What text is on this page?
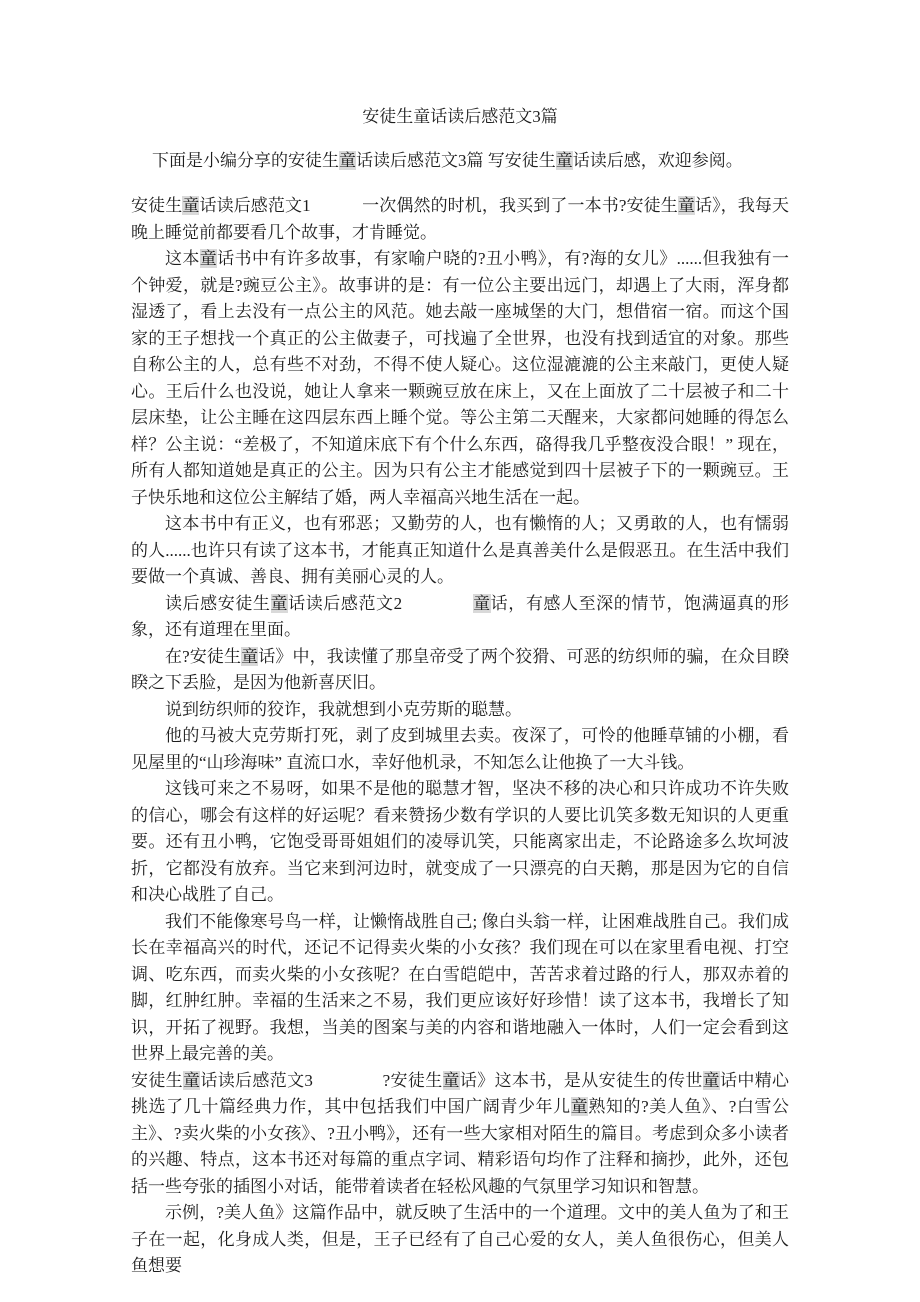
安徒生童话读后感范文3篇

下面是小编分享的安徒生童话读后感范文3篇 写安徒生童话读后感，欢迎参阅。

安徒生童话读后感范文1　　　一次偶然的时机，我买到了一本书?安徒生童话》，我每天晚上睡觉前都要看几个故事，才肯睡觉。

这本童话书中有许多故事，有家喻户晓的?丑小鸭》，有?海的女儿》......但我独有一个钟爱，就是?豌豆公主》。故事讲的是：有一位公主要出远门，却遇上了大雨，浑身都湿透了，看上去没有一点公主的风范。她去敲一座城堡的大门，想借宿一宿。而这个国家的王子想找一个真正的公主做妻子，可找遍了全世界，也没有找到适宜的对象。那些自称公主的人，总有些不对劲，不得不使人疑心。这位湿漉漉的公主来敲门，更使人疑心。王后什么也没说，她让人拿来一颗豌豆放在床上，又在上面放了二十层被子和二十层床垫，让公主睡在这四层东西上睡个觉。等公主第二天醒来，大家都问她睡的得怎么样？公主说：“差极了，不知道床底下有个什么东西，硌得我几乎整夜没合眼！” 现在，所有人都知道她是真正的公主。因为只有公主才能感觉到四十层被子下的一颗豌豆。王子快乐地和这位公主解结了婚，两人幸福高兴地生活在一起。

这本书中有正义，也有邪恶；又勤劳的人，也有懒惰的人；又勇敢的人，也有懦弱的人......也许只有读了这本书，才能真正知道什么是真善美什么是假恶丑。在生活中我们要做一个真诚、善良、拥有美丽心灵的人。

读后感安徒生童话读后感范文2　　　　童话，有感人至深的情节，饱满逼真的形象，还有道理在里面。

在?安徒生童话》中，我读懂了那皇帝受了两个狡猾、可恶的纺织师的骗，在众目睽睽之下丢脸，是因为他新喜厌旧。

说到纺织师的狡诈，我就想到小克劳斯的聪慧。

他的马被大克劳斯打死，剥了皮到城里去卖。夜深了，可怜的他睡草铺的小棚，看见屋里的“山珍海味” 直流口水，幸好他机录，不知怎么让他换了一大斗钱。

这钱可来之不易呀，如果不是他的聪慧才智，坚决不移的决心和只许成功不许失败的信心，哪会有这样的好运呢？看来赞扬少数有学识的人要比讥笑多数无知识的人更重要。还有丑小鸭，它饱受哥哥姐姐们的凌辱讥笑，只能离家出走，不论路途多么坎坷波折，它都没有放弃。当它来到河边时，就变成了一只漂亮的白天鹅，那是因为它的自信和决心战胜了自己。

我们不能像寒号鸟一样，让懒惰战胜自己; 像白头翁一样，让困难战胜自己。我们成长在幸福高兴的时代，还记不记得卖火柴的小女孩？我们现在可以在家里看电视、打空调、吃东西，而卖火柴的小女孩呢？在白雪皑皑中，苦苦求着过路的行人，那双赤着的脚，红肿红肿。幸福的生活来之不易，我们更应该好好珍惜！读了这本书，我增长了知识，开拓了视野。我想，当美的图案与美的内容和谐地融入一体时，人们一定会看到这世界上最完善的美。

安徒生童话读后感范文3　　　　?安徒生童话》这本书，是从安徒生的传世童话中精心挑选了几十篇经典力作，其中包括我们中国广阔青少年儿童熟知的?美人鱼》、?白雪公主》、?卖火柴的小女孩》、?丑小鸭》，还有一些大家相对陌生的篇目。考虑到众多小读者的兴趣、特点，这本书还对每篇的重点字词、精彩语句均作了注释和摘抄，此外，还包括一些夸张的插图小对话，能带着读者在轻松风趣的气氛里学习知识和智慧。

示例，?美人鱼》这篇作品中，就反映了生活中的一个道理。文中的美人鱼为了和王子在一起，化身成人类，但是，王子已经有了自己心爱的女人，美人鱼很伤心，但美人鱼想要
